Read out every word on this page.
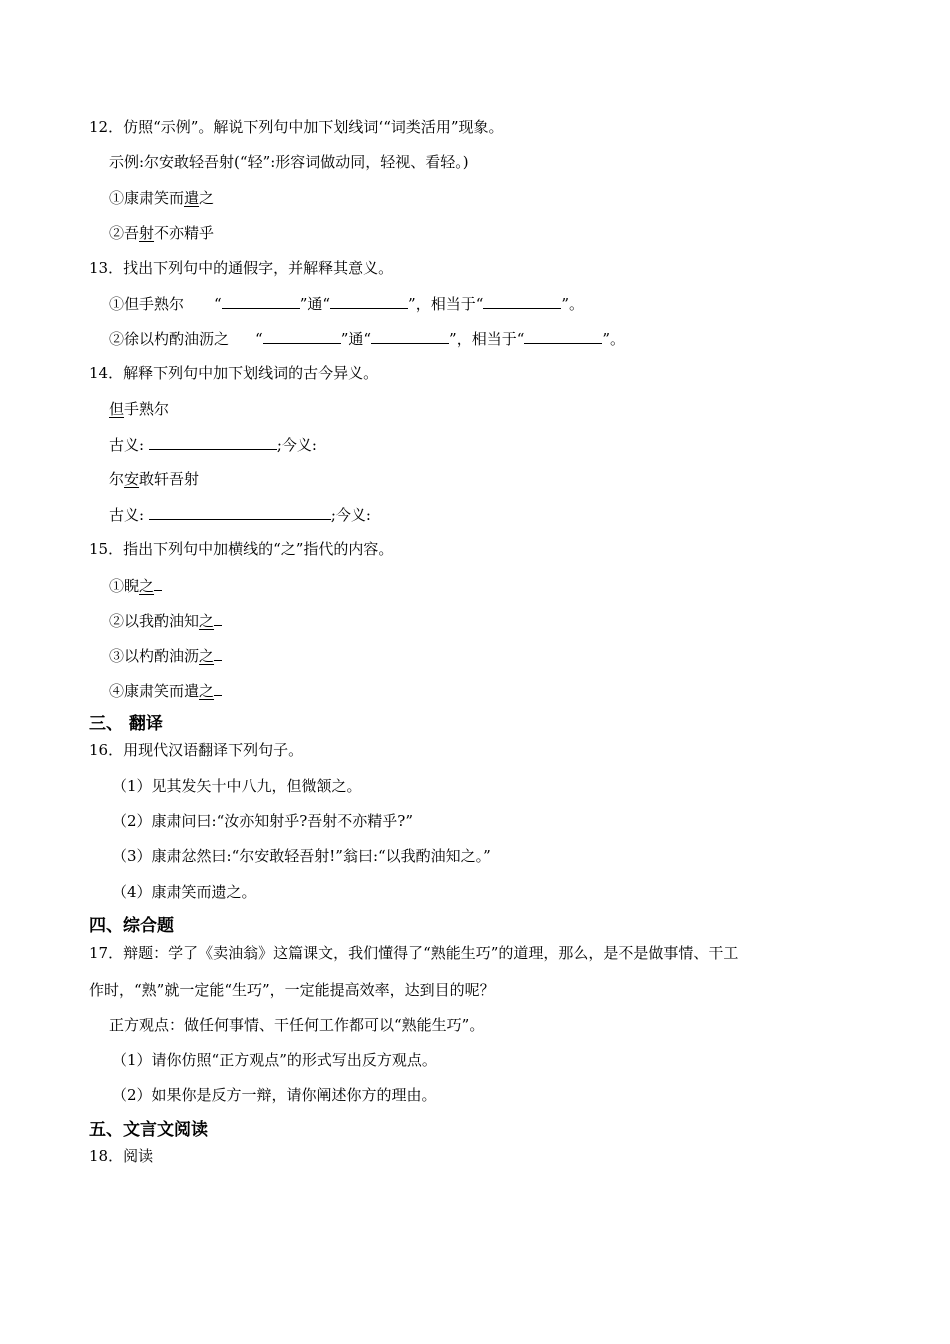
12．仿照“示例”。解说下列句中加下划线词‘“词类活用”现象。
示例:尔安敢轻吾射(“轻”:形容词做动同，轻视、看轻。)
①康肃笑而遣之
②吾射不亦精乎
13．找出下列句中的通假字，并解释其意义。
①但手熟尔 “	”通“	”，相当于“	”。
②徐以杓酌油沥之 “	”通“	”，相当于“	”。
14．解释下列句中加下划线词的古今异义。
但手熟尔
古义:	;今义:
尔安敢轩吾射
古义:	;今义:
15．指出下列句中加横线的“之”指代的内容。
①睨之
②以我酌油知之
③以杓酌油沥之
④康肃笑而遣之
三、 翻译
16．用现代汉语翻译下列句子。
（1）见其发矢十中八九，但微颔之。
（2）康肃问曰:“汝亦知射乎?吾射不亦精乎?”
（3）康肃忿然曰:“尔安敢轻吾射!”翁曰:“以我酌油知之。”
（4）康肃笑而遗之。
四、综合题
17．辩题：学了《卖油翁》这篇课文，我们懂得了“熟能生巧”的道理，那么，是不是做事情、干工
作时，“熟”就一定能“生巧”，一定能提高效率，达到目的呢？
正方观点：做任何事情、干任何工作都可以“熟能生巧”。
（1）请你仿照“正方观点”的形式写出反方观点。
（2）如果你是反方一辩，请你阐述你方的理由。
五、文言文阅读
18．阅读
